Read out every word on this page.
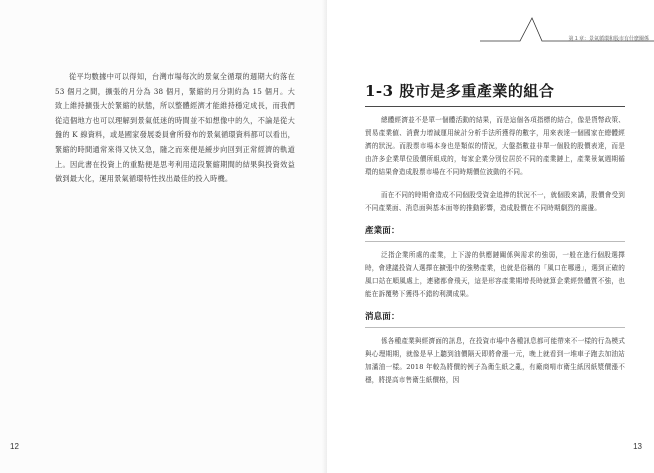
從平均數據中可以得知，台灣市場每次的景氣全循環的週期大約落在 53 個月之間，擴張的月分為 38 個月，緊縮的月分則約為 15 個月。大致上維持擴張大於緊縮的狀態，所以整體經濟才能維持穩定成長，而我們從這個地方也可以理解到景氣低迷的時間並不如想像中的久，不論是從大盤的 K 線資料，或是國家發展委員會所發布的景氣循環資料都可以看出，緊縮的時間通常來得又快又急，隨之而來便是緩步向回到正常經濟的軌道上。因此書在投資上的重點便是思考利用這段緊縮期間的結果與投資效益做到最大化，運用景氣循環特性找出最佳的投入時機。

12	13
第 1 章：景氣循環和股市有什麼關係
1-3 股市是多重產業的組合

總體經濟並不是單一個體活動的結果，而是這個各項指標的結合，像是貨幣政策、貿易產業値、消費力增減運用統計分析手法所獲得的數字，用來表達一個國家在總體經濟的狀況。而股票市場本身也是類似的情況，大盤指數並非單一個股的股價表達，而是由許多企業單位股價所組成的，每家企業分別位居於不同的產業鏈上，產業景氣週期循環的結果會造成股票市場在不同時期價位波動的不同。

而在不同的時期會造成不同個股受資金追捧的狀況不一，就個股來講，股價會受到不同產業面、消息面與基本面等的推動影響，造成股價在不同時期劇烈的震盪。

產業面：

泛指企業所處的產業，上下游的供應鏈關係與需求的強弱，一般在進行個股選擇時，會建議投資人選擇在擴張中的強勢產業，也就是俗稱的「風口在哪邊」，選到正確的風口站在順風處上，連豬都會飛天，這是形容產業期增長時就算企業經營體質不強，也能在訴覆勢下獲得不錯的利潤成果。

消息面：

係各種產業與經濟面的訊息，在投資市場中各種訊息都可能帶來不一樣的行為模式與心理期期，就像是早上聽到油價隔天即將會漲一元，晚上就看到一堆車子跑去加油站加滿油一樣。2018 年較為將價的例子為衛生紙之亂，有廠商啃市衛生紙因紙漿價漲不穩，將提高市售衛生紙價格，因
